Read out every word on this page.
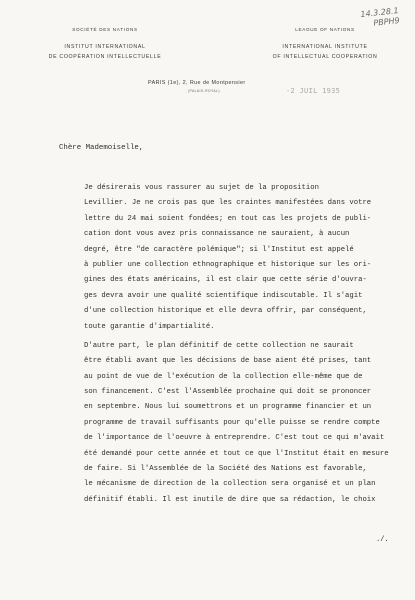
SOCIÉTÉ DES NATIONS
INSTITUT INTERNATIONAL
DE COOPÉRATION INTELLECTUELLE
LEAGUE OF NATIONS
INTERNATIONAL INSTITUTE
OF INTELLECTUAL COOPERATION
PARIS (1e), 2, Rue de Montpensier
(PALAIS-ROYAL)	-2 JUIL 1935
14.3.28.1
PBPH9
Chère Mademoiselle,
Je désirerais vous rassurer au sujet de la proposition
Levillier. Je ne crois pas que les craintes manifestées dans votre
lettre du 24 mai soient fondées; en tout cas les projets de publi-
cation dont vous avez pris connaissance ne sauraient, à aucun
degré, être "de caractère polémique"; si l'Institut est appelé
à publier une collection ethnographique et historique sur les ori-
gines des états américains, il est clair que cette série d'ouvra-
ges devra avoir une qualité scientifique indiscutable. Il s'agit
d'une collection historique et elle devra offrir, par conséquent,
toute garantie d'impartialité.
D'autre part, le plan définitif de cette collection ne saurait
être établi avant que les décisions de base aient été prises, tant
au point de vue de l'exécution de la collection elle-même que de
son financement. C'est l'Assemblée prochaine qui doit se prononcer
en septembre. Nous lui soumettrons et un programme financier et un
programme de travail suffisants pour qu'elle puisse se rendre compte
de l'importance de l'oeuvre à entreprendre. C'est tout ce qui m'avait
été demandé pour cette année et tout ce que l'Institut était en mesure
de faire. Si l'Assemblée de la Société des Nations est favorable,
le mécanisme de direction de la collection sera organisé et un plan
définitif établi. Il est inutile de dire que sa rédaction, le choix
./.
